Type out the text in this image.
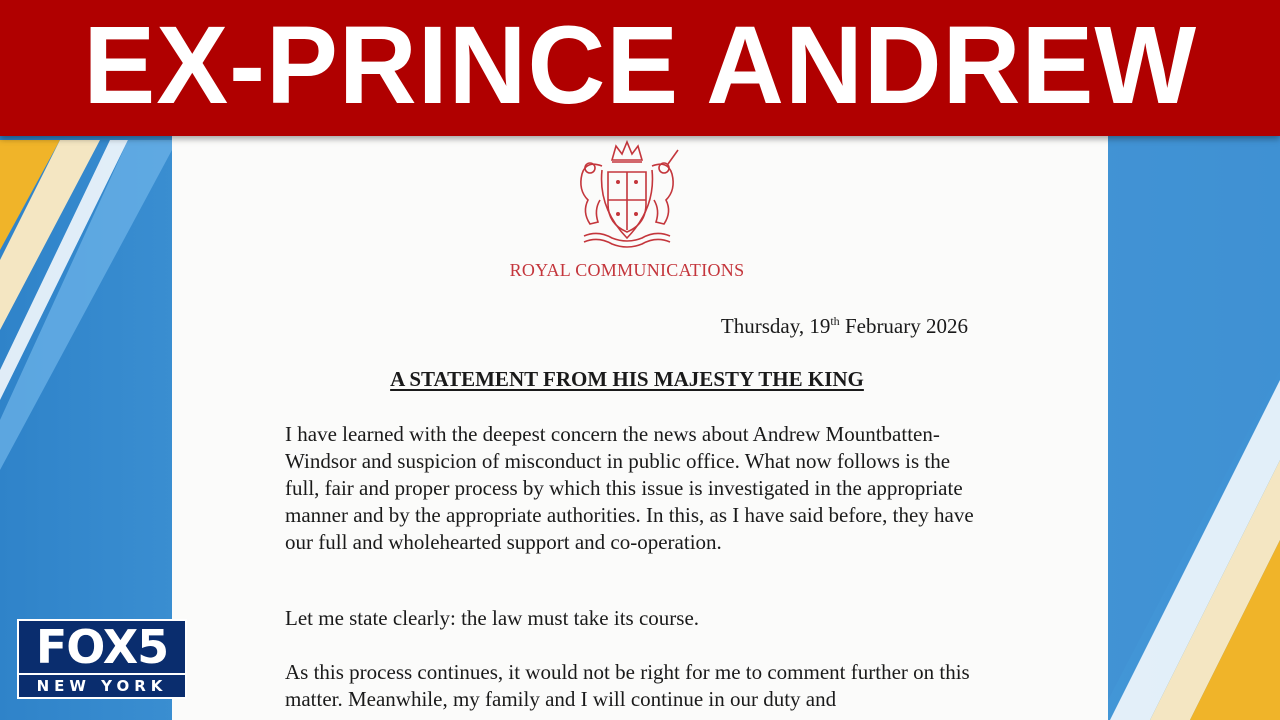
EX-PRINCE ANDREW
ROYAL COMMUNICATIONS
Thursday, 19th February 2026
A STATEMENT FROM HIS MAJESTY THE KING

I have learned with the deepest concern the news about Andrew Mountbatten-Windsor and suspicion of misconduct in public office. What now follows is the full, fair and proper process by which this issue is investigated in the appropriate manner and by the appropriate authorities. In this, as I have said before, they have our full and wholehearted support and co-operation.

Let me state clearly: the law must take its course.

As this process continues, it would not be right for me to comment further on this matter. Meanwhile, my family and I will continue in our duty and

FOX5
NEW YORK
